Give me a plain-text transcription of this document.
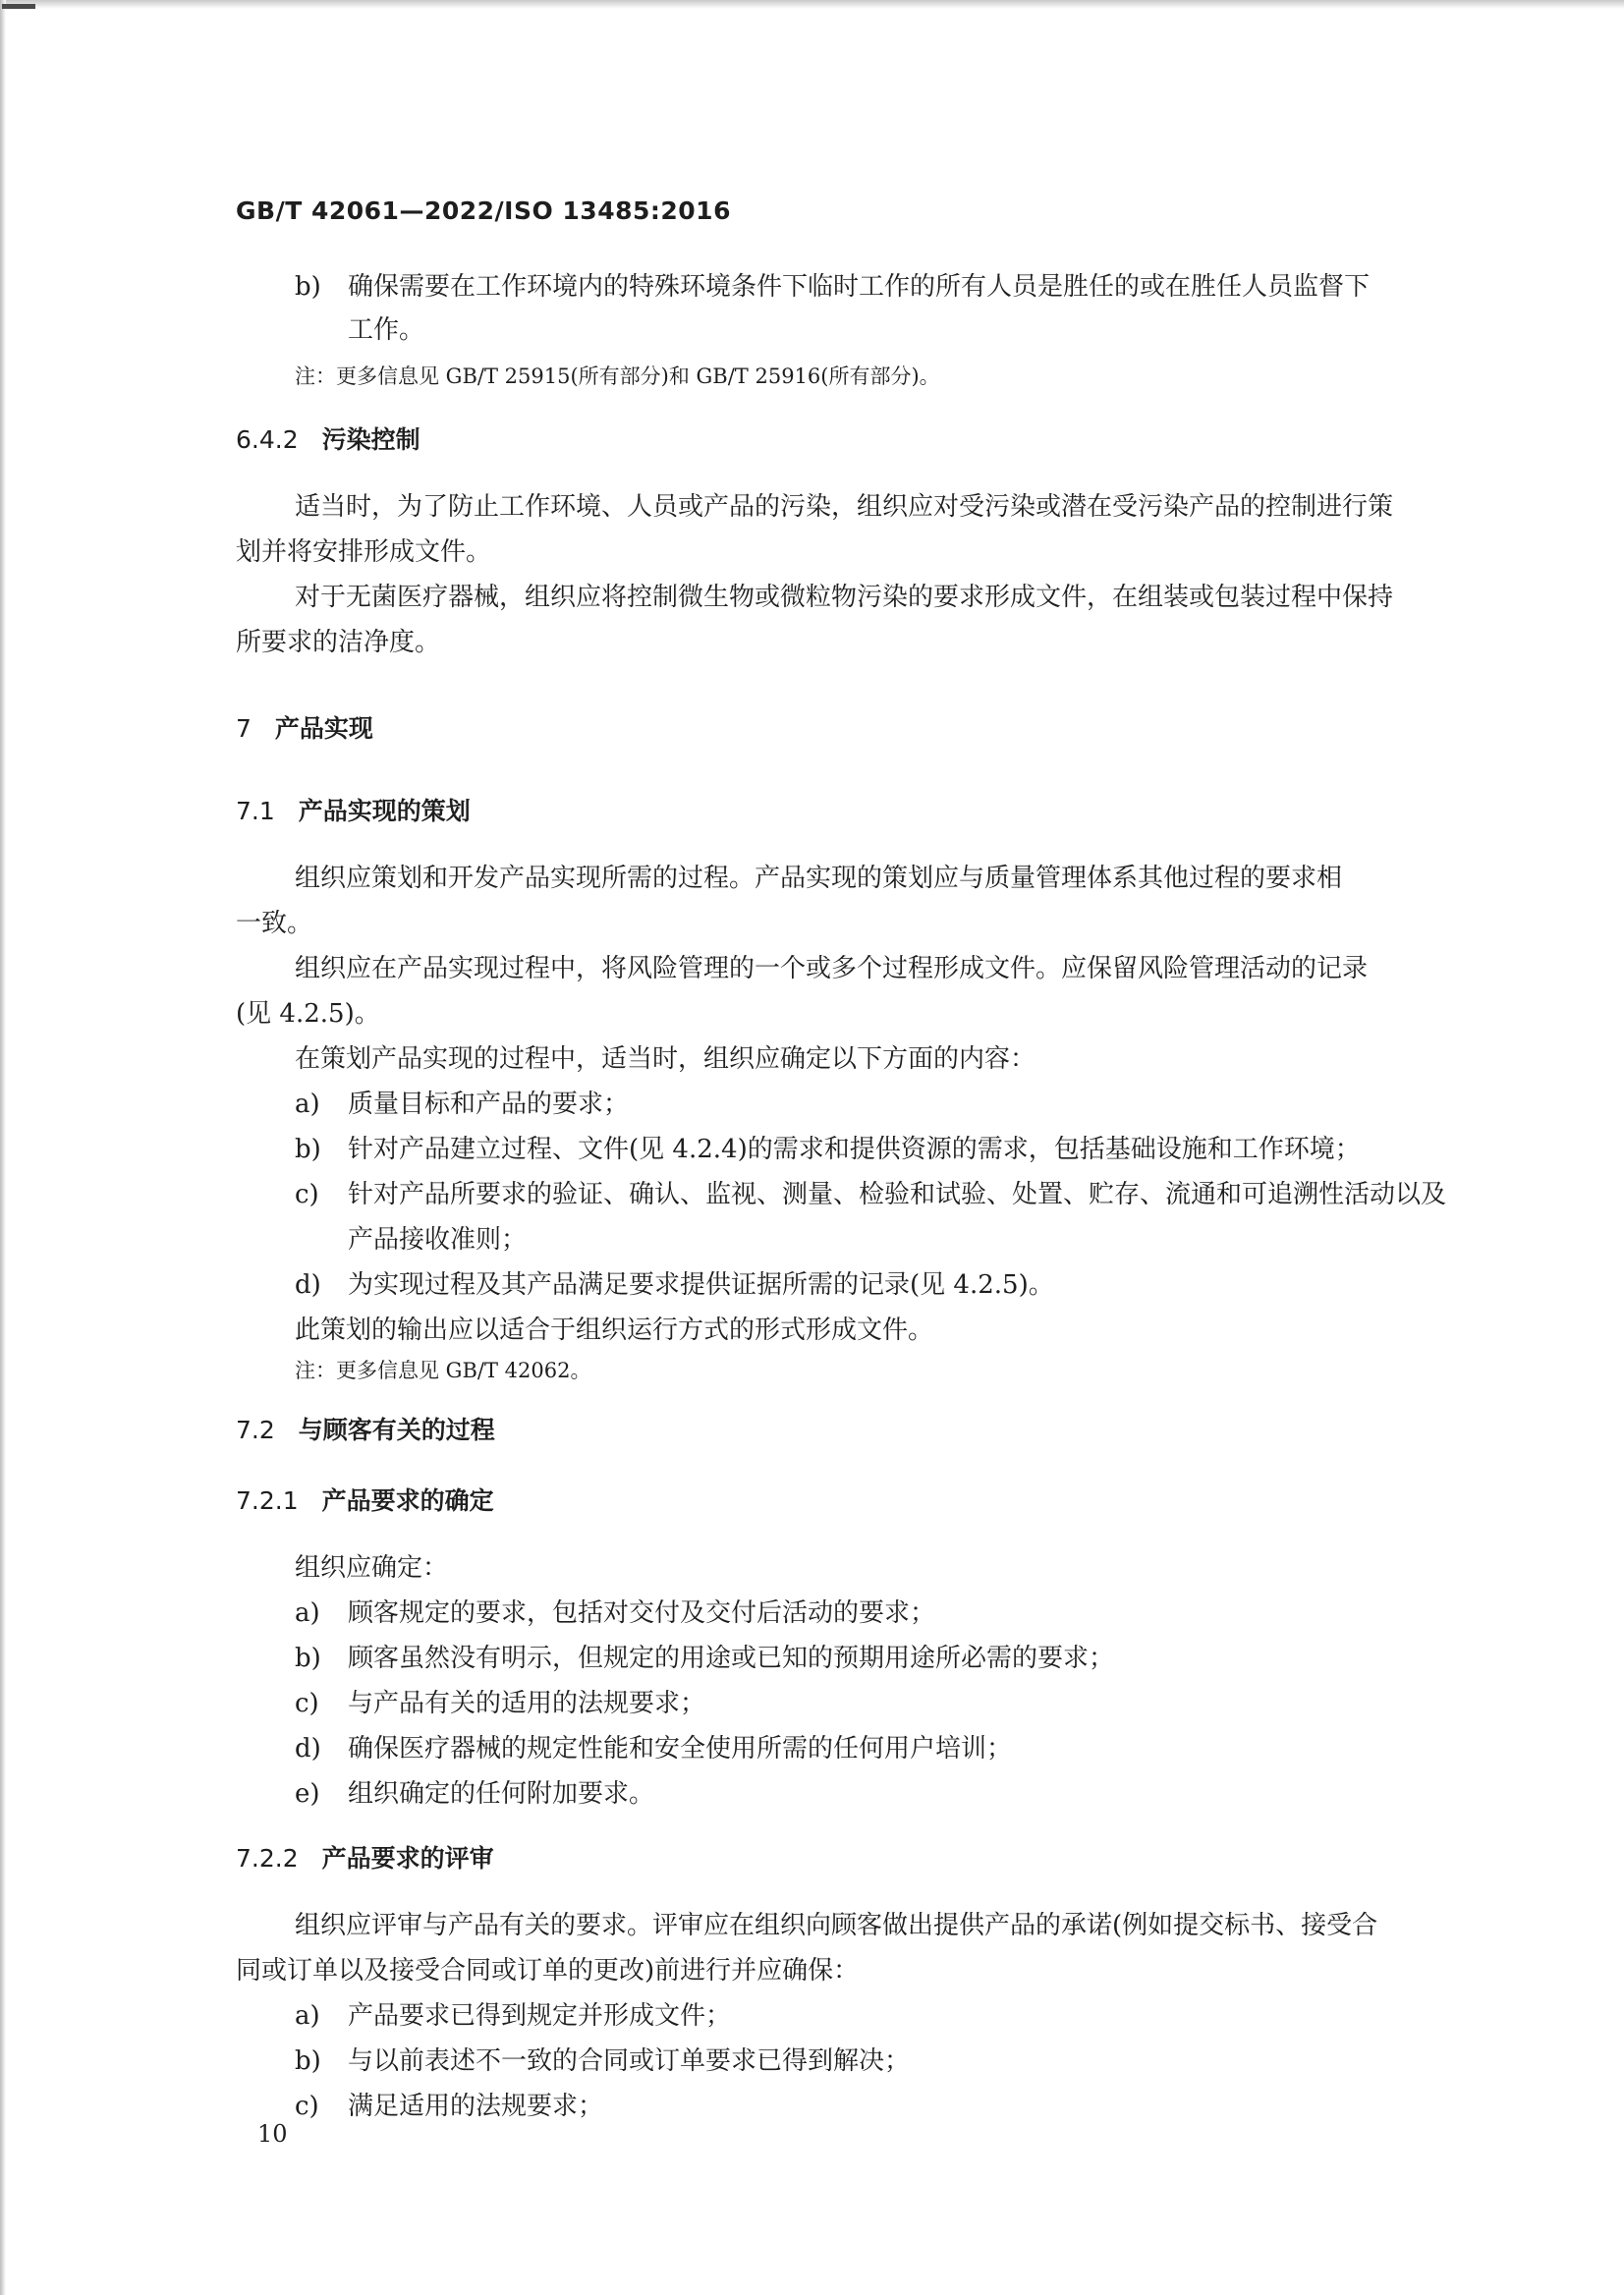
GB/T 42061—2022/ISO 13485:2016

b) 确保需要在工作环境内的特殊环境条件下临时工作的所有人员是胜任的或在胜任人员监督下

工作。

注：更多信息见 GB/T 25915(所有部分)和 GB/T 25916(所有部分)。

6.4.2 污染控制

适当时，为了防止工作环境、人员或产品的污染，组织应对受污染或潜在受污染产品的控制进行策

划并将安排形成文件。

对于无菌医疗器械，组织应将控制微生物或微粒物污染的要求形成文件，在组装或包装过程中保持

所要求的洁净度。

7 产品实现

7.1 产品实现的策划

组织应策划和开发产品实现所需的过程。产品实现的策划应与质量管理体系其他过程的要求相

一致。

组织应在产品实现过程中，将风险管理的一个或多个过程形成文件。应保留风险管理活动的记录

(见 4.2.5)。

在策划产品实现的过程中，适当时，组织应确定以下方面的内容：

a) 质量目标和产品的要求；

b) 针对产品建立过程、文件(见 4.2.4)的需求和提供资源的需求，包括基础设施和工作环境；

c) 针对产品所要求的验证、确认、监视、测量、检验和试验、处置、贮存、流通和可追溯性活动以及

产品接收准则；

d) 为实现过程及其产品满足要求提供证据所需的记录(见 4.2.5)。

此策划的输出应以适合于组织运行方式的形式形成文件。

注：更多信息见 GB/T 42062。

7.2 与顾客有关的过程

7.2.1 产品要求的确定

组织应确定：

a) 顾客规定的要求，包括对交付及交付后活动的要求；

b) 顾客虽然没有明示，但规定的用途或已知的预期用途所必需的要求；

c) 与产品有关的适用的法规要求；

d) 确保医疗器械的规定性能和安全使用所需的任何用户培训；

e) 组织确定的任何附加要求。

7.2.2 产品要求的评审

组织应评审与产品有关的要求。评审应在组织向顾客做出提供产品的承诺(例如提交标书、接受合

同或订单以及接受合同或订单的更改)前进行并应确保：

a) 产品要求已得到规定并形成文件；

b) 与以前表述不一致的合同或订单要求已得到解决；

c) 满足适用的法规要求；

10
